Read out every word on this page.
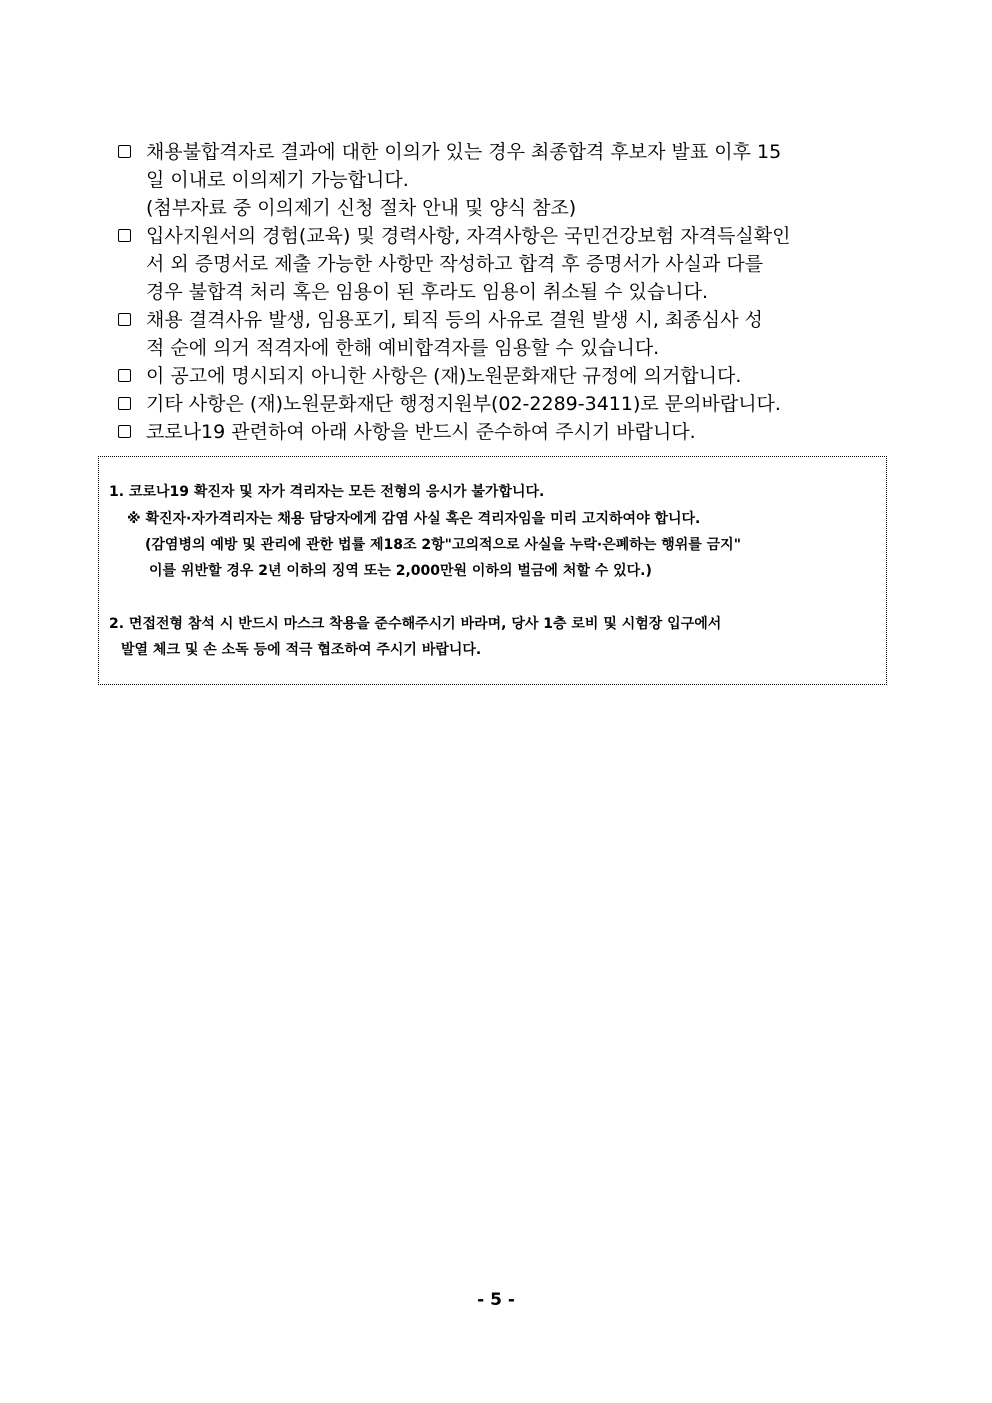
채용불합격자로 결과에 대한 이의가 있는 경우 최종합격 후보자 발표 이후 15
일 이내로 이의제기 가능합니다.
(첨부자료 중 이의제기 신청 절차 안내 및 양식 참조)
입사지원서의 경험(교육) 및 경력사항, 자격사항은 국민건강보험 자격득실확인
서 외 증명서로 제출 가능한 사항만 작성하고 합격 후 증명서가 사실과 다를
경우 불합격 처리 혹은 임용이 된 후라도 임용이 취소될 수 있습니다.
채용 결격사유 발생, 임용포기, 퇴직 등의 사유로 결원 발생 시, 최종심사 성
적 순에 의거 적격자에 한해 예비합격자를 임용할 수 있습니다.
이 공고에 명시되지 아니한 사항은 (재)노원문화재단 규정에 의거합니다.
기타 사항은 (재)노원문화재단 행정지원부(02-2289-3411)로 문의바랍니다.
코로나19 관련하여 아래 사항을 반드시 준수하여 주시기 바랍니다.
1. 코로나19 확진자 및 자가 격리자는 모든 전형의 응시가 불가합니다.
※ 확진자·자가격리자는 채용 담당자에게 감염 사실 혹은 격리자임을 미리 고지하여야 합니다.
(감염병의 예방 및 관리에 관한 법률 제18조 2항"고의적으로 사실을 누락·은폐하는 행위를 금지"
이를 위반할 경우 2년 이하의 징역 또는 2,000만원 이하의 벌금에 처할 수 있다.)
2. 면접전형 참석 시 반드시 마스크 착용을 준수해주시기 바라며, 당사 1층 로비 및 시험장 입구에서
발열 체크 및 손 소독 등에 적극 협조하여 주시기 바랍니다.
- 5 -
